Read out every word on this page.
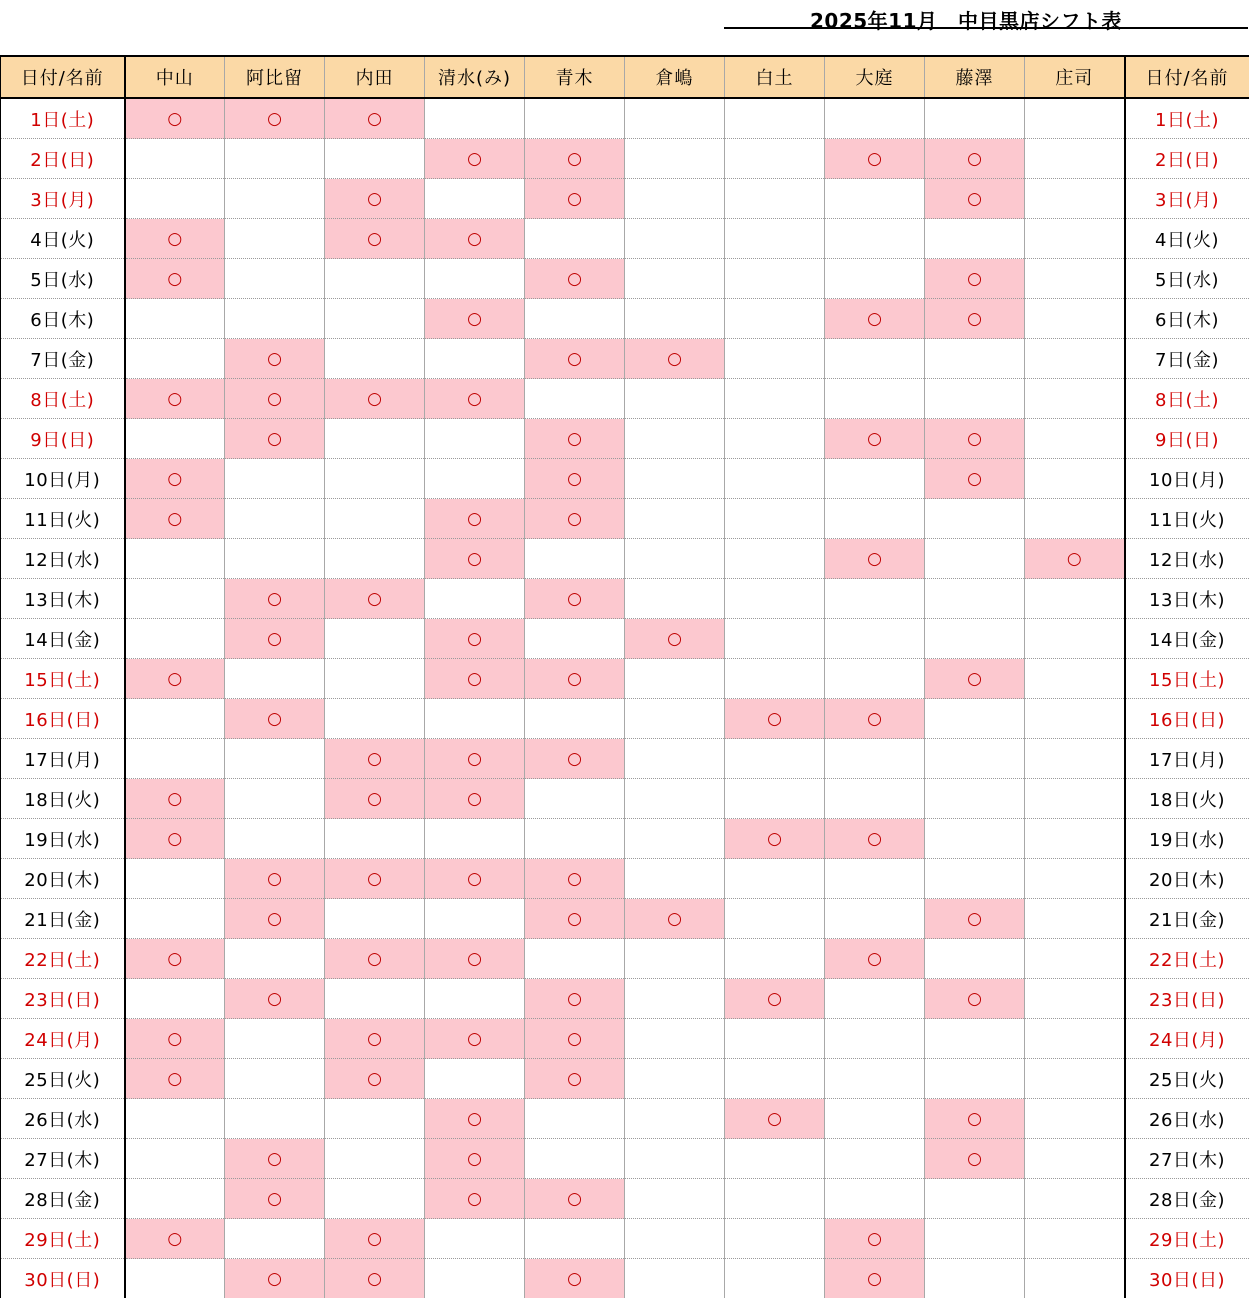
2025年11月　中目黒店シフト表
日付/名前	中山	阿比留	内田	清水(み)	青木	倉嶋	白土	大庭	藤澤	庄司	日付/名前
1日(土)	○	○	○								1日(土)
2日(日)				○	○			○	○		2日(日)
3日(月)			○		○				○		3日(月)
4日(火)	○		○	○							4日(火)
5日(水)	○				○				○		5日(水)
6日(木)				○				○	○		6日(木)
7日(金)		○			○	○					7日(金)
8日(土)	○	○	○	○							8日(土)
9日(日)		○			○			○	○		9日(日)
10日(月)	○				○				○		10日(月)
11日(火)	○			○	○						11日(火)
12日(水)				○				○		○	12日(水)
13日(木)		○	○		○						13日(木)
14日(金)		○		○		○					14日(金)
15日(土)	○			○	○				○		15日(土)
16日(日)		○					○	○			16日(日)
17日(月)			○	○	○						17日(月)
18日(火)	○		○	○							18日(火)
19日(水)	○						○	○			19日(水)
20日(木)		○	○	○	○						20日(木)
21日(金)		○			○	○			○		21日(金)
22日(土)	○		○	○				○			22日(土)
23日(日)		○			○		○		○		23日(日)
24日(月)	○		○	○	○						24日(月)
25日(火)	○		○		○						25日(火)
26日(水)				○			○		○		26日(水)
27日(木)		○		○					○		27日(木)
28日(金)		○		○	○						28日(金)
29日(土)	○		○					○			29日(土)
30日(日)		○	○		○			○			30日(日)
